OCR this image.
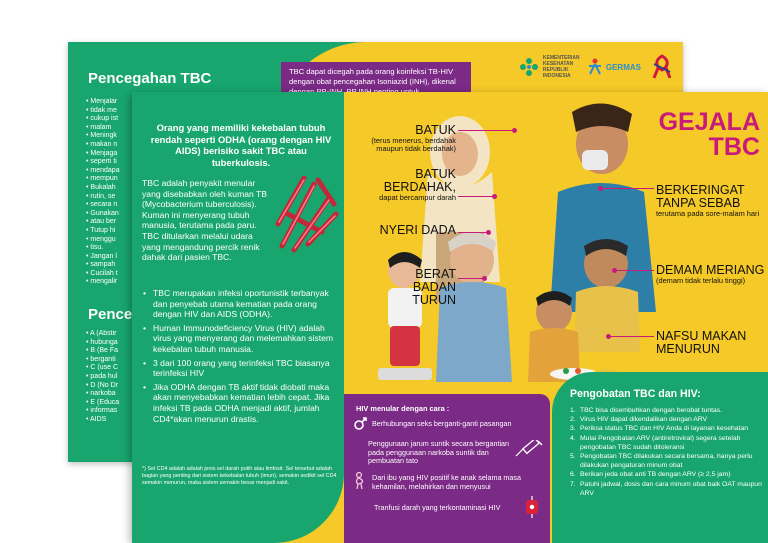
Pencegahan TBC
• Menjalar
• tidak me
• cukup ist
• malam
• Meningk
• makan n
• Menjaga
• seperti ti
• mendapa
• mempun
• Bukalah
• rutin, se
• secara n
• Gunakan
• atau ber
• Tutup hi
• menggu
• tisu.
• Jangan l
• sampah
• Cucilah t
• mengalir
Pence
• A (Abstir
• hubunga
• B (Be Fa
• berganti
• C (use C
• pada hul
• D (No Dr
• narkoba
• E (Educa
• informas
• AIDS
TBC dapat dicegah pada orang koinfeksi TB-HIV dengan obat pencegahan Isoniazid (INH), dikenal
KEMENTERIAN KESEHATAN REPUBLIK INDONESIA
GERMAS
Orang yang memiliki kekebalan tubuh rendah seperti ODHA (orang dengan HIV AIDS) berisiko sakit TBC atau tuberkulosis.
TBC adalah penyakit menular yang disebabkan oleh kuman TB (Mycobacterium tuberculosis). Kuman ini menyerang tubuh manusia, terutama pada paru. TBC ditularkan melalui udara yang mengandung percik renik dahak dari pasien TBC.
• TBC merupakan infeksi oportunistik terbanyak dan penyebab utama kematian pada orang dengan HIV dan AIDS (ODHA).
• Human Immunodeficiency Virus (HIV) adalah virus yang menyerang dan melemahkan sistem kekebalan tubuh manusia.
• 3 dari 100 orang yang terinfeksi TBC biasanya terinfeksi HIV
• Jika ODHA dengan TB aktif tidak diobati maka akan menyebabkan kematian lebih cepat. Jika infeksi TB pada ODHA menjadi aktif, jumlah CD4*akan menurun drastis.
*) Sel CD4 adalah adalah jenis sel darah putih atau limfosit. Sel tersebut adalah bagian yang penting dari sistem kekebalan tubuh (imun), semakin sedikit sel CD4 semakin menurun, maka sistem semakin besar menjadi sakit.
GEJALA
TBC
BATUK
(terus menerus, berdahak maupun tidak berdahak)
BATUK BERDAHAK,
dapat bercampur darah
NYERI DADA
BERAT BADAN TURUN
BERKERINGAT TANPA SEBAB
terutama pada sore-malam hari
DEMAM MERIANG
(demam tidak terlalu tinggi)
NAFSU MAKAN MENURUN
HIV menular dengan cara :
Berhubungan seks berganti-ganti pasangan
Penggunaan jarum suntik secara bergantian pada penggunaan narkoba suntik dan pembuatan tato
Dari ibu yang HIV positif ke anak selama masa kehamilan, melahirkan dan menyusui
Tranfusi darah yang terkontaminasi HIV
Pengobatan TBC dan HIV:
1. TBC bisa disembuhkan dengan berobat tuntas.
2. Virus HIV dapat dikendalikan dengan ARV
3. Periksa status TBC dan HIV Anda di layanan kesehatan
4. Mulai Pengobatan ARV (antiretroviral) segera setelah pengobatan TBC sudah ditoleransi
5. Pengobatan TBC dilakukan secara bersama, hanya perlu dilakukan pengaturan minum obat
6. Berikan jeda obat anti TB dengan ARV (≥ 2,5 jam)
7. Patuhi jadwal, dosis dan cara minum obat baik OAT maupun ARV
